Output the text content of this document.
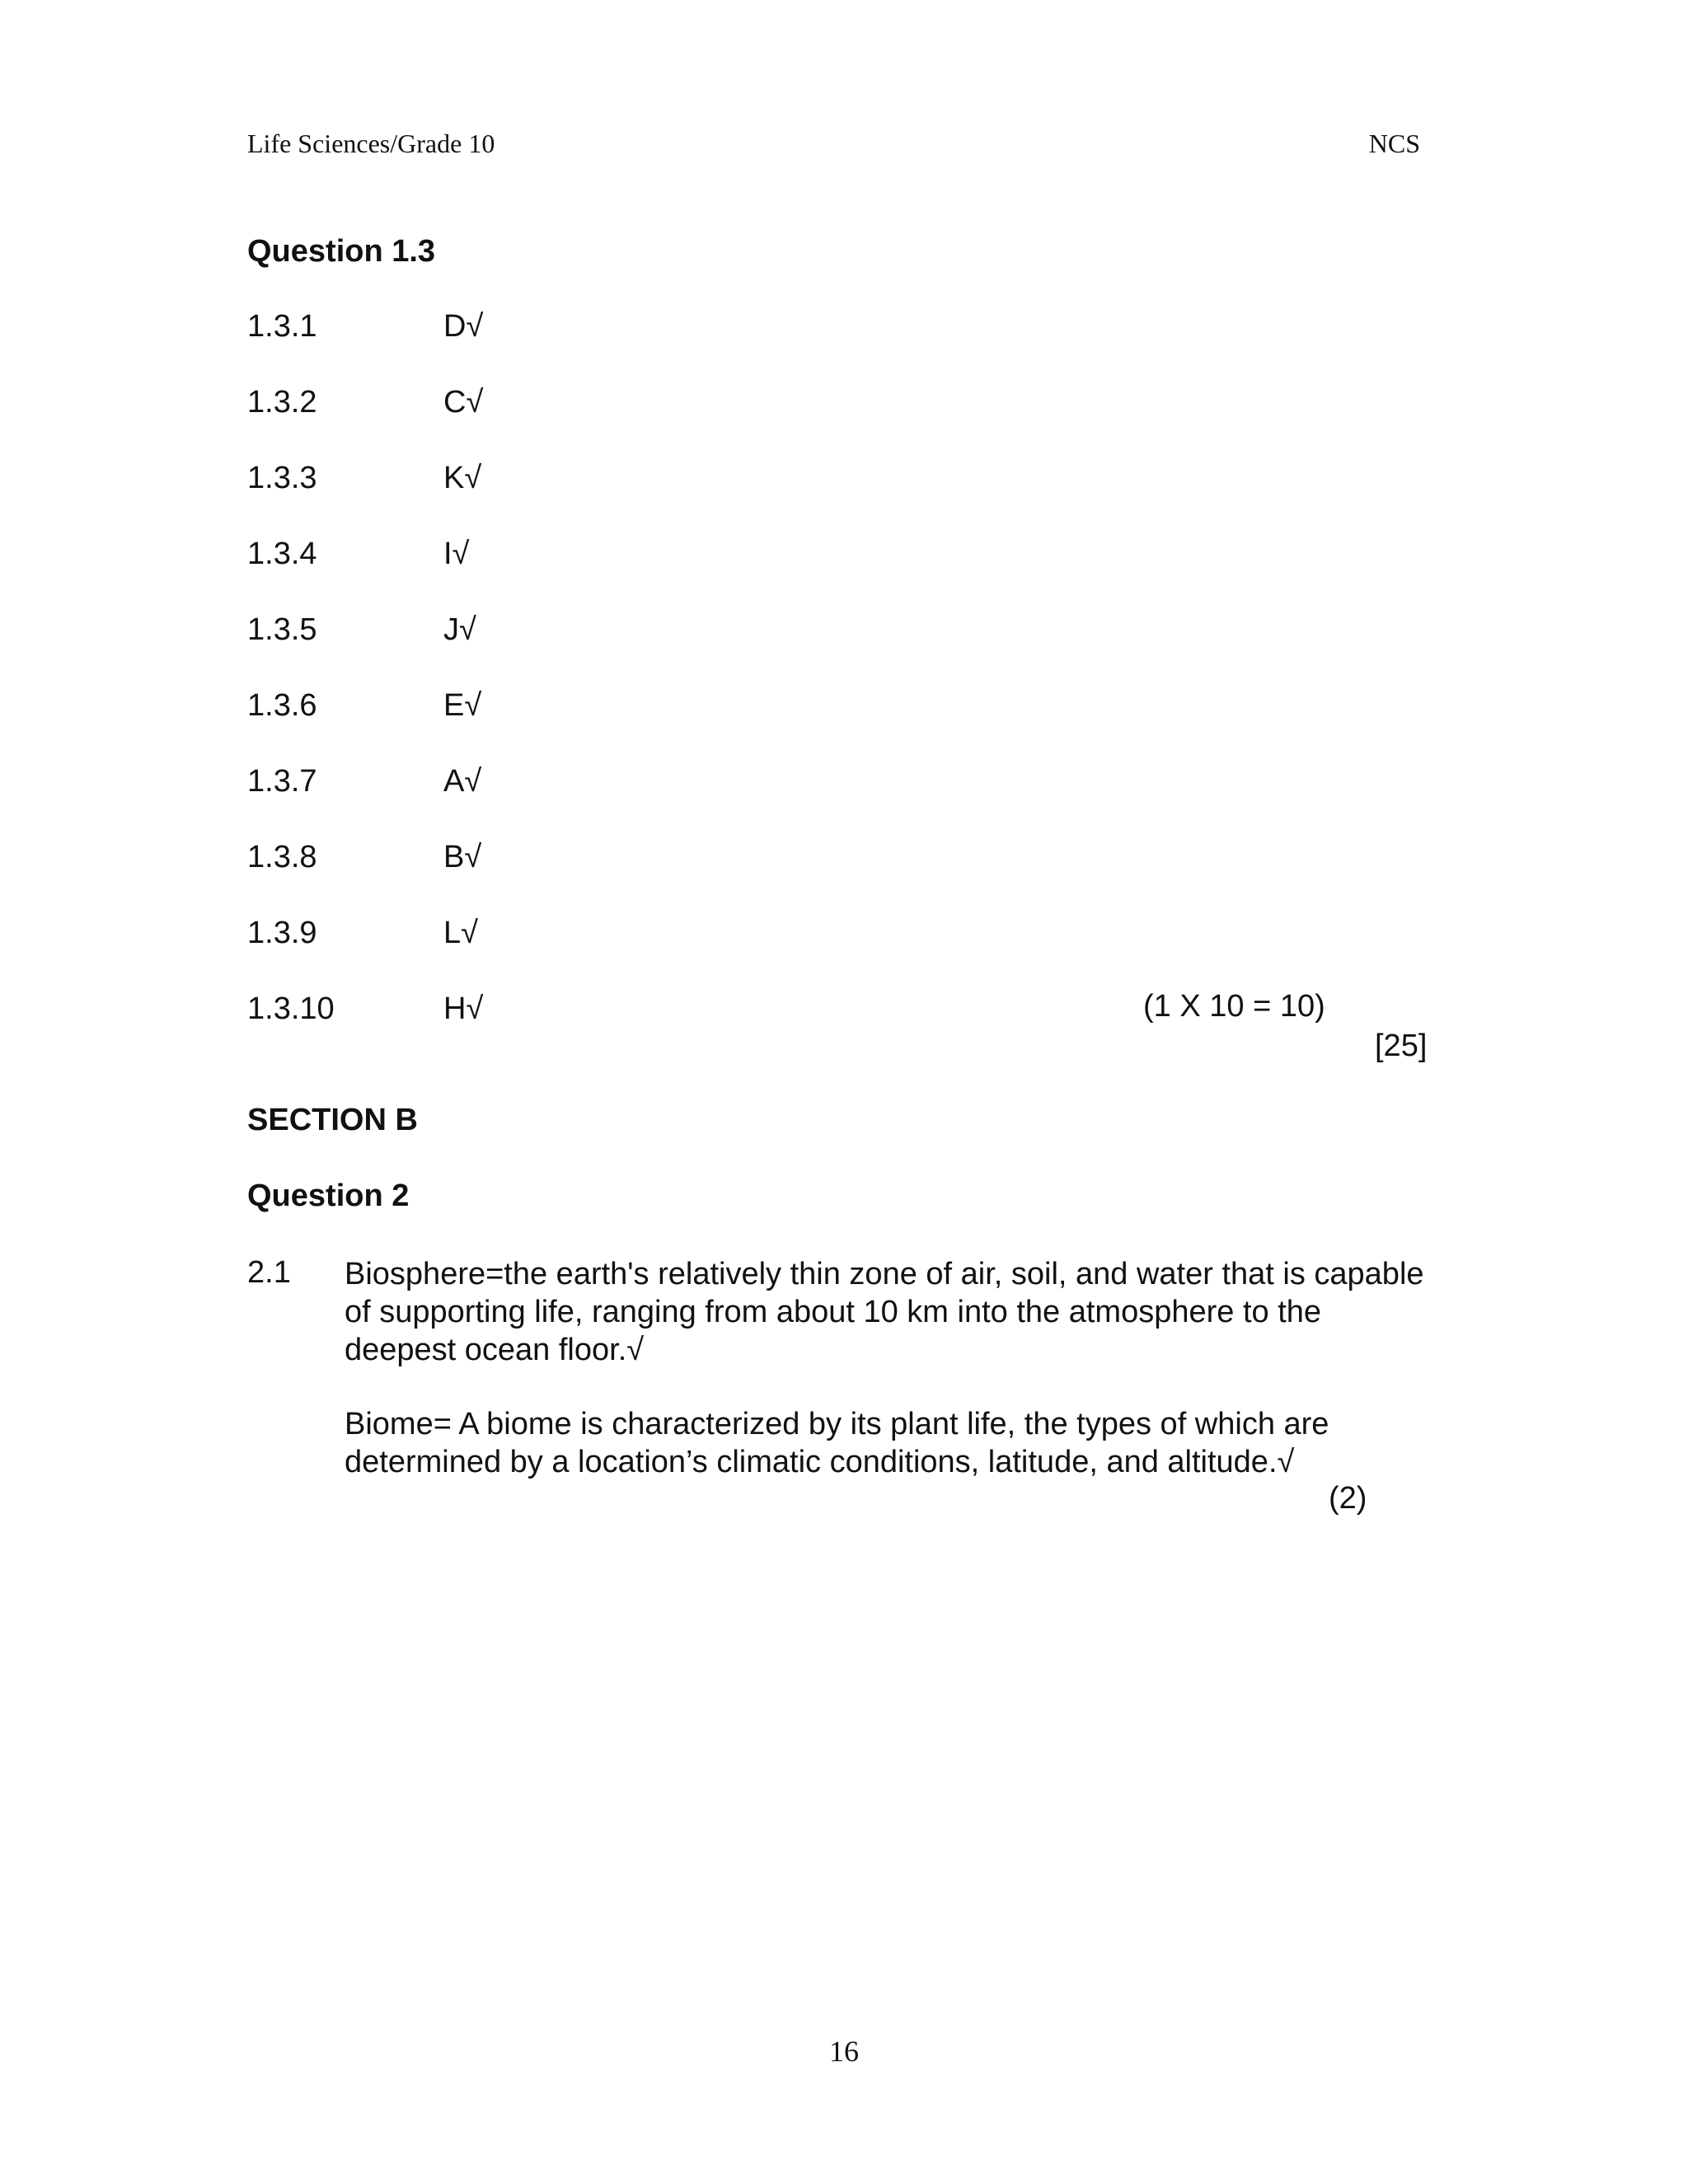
Life Sciences/Grade 10	NCS
Question 1.3
1.3.1	D√
1.3.2	C√
1.3.3	K√
1.3.4	I√
1.3.5	J√
1.3.6	E√
1.3.7	A√
1.3.8	B√
1.3.9	L√
1.3.10	H√	(1 X 10 = 10)
[25]
SECTION B
Question 2
2.1 Biosphere=the earth's relatively thin zone of air, soil, and water that is capable of supporting life, ranging from about 10 km into the atmosphere to the deepest ocean floor.√

Biome= A biome is characterized by its plant life, the types of which are determined by a location’s climatic conditions, latitude, and altitude.√

(2)
16
